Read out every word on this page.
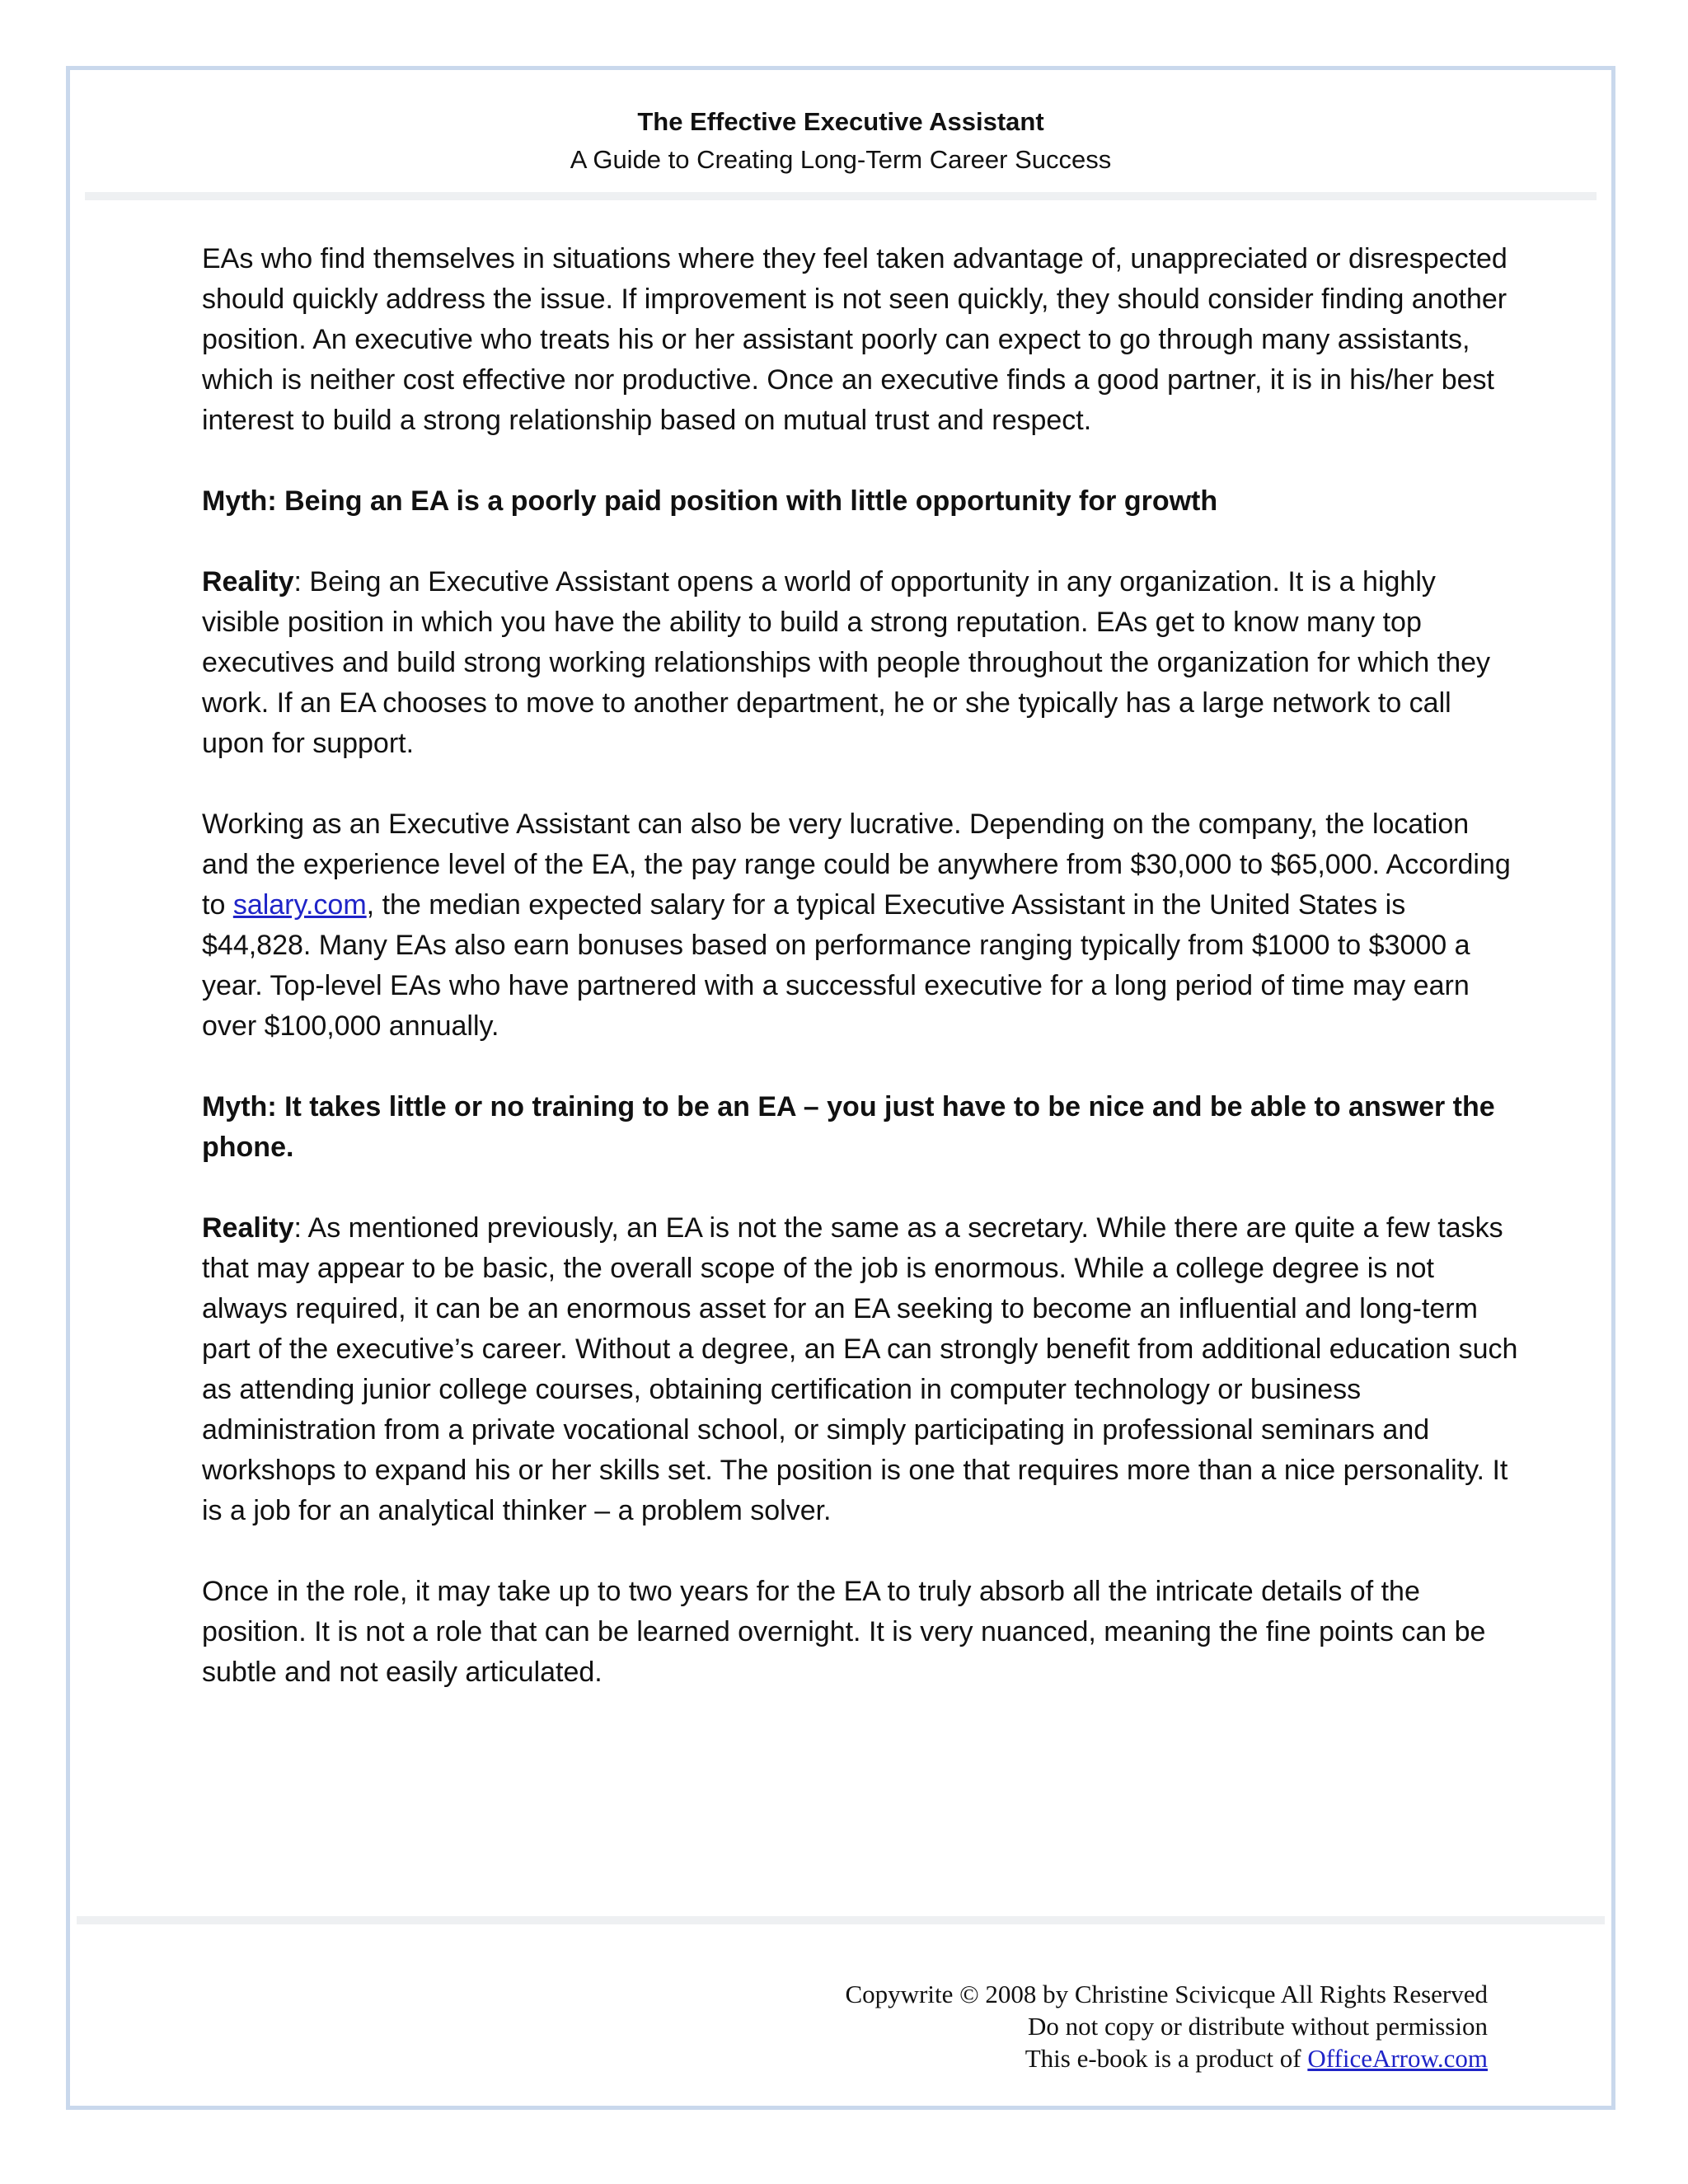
The Effective Executive Assistant
A Guide to Creating Long-Term Career Success

EAs who find themselves in situations where they feel taken advantage of, unappreciated or disrespected should quickly address the issue. If improvement is not seen quickly, they should consider finding another position. An executive who treats his or her assistant poorly can expect to go through many assistants, which is neither cost effective nor productive. Once an executive finds a good partner, it is in his/her best interest to build a strong relationship based on mutual trust and respect.

Myth: Being an EA is a poorly paid position with little opportunity for growth

Reality: Being an Executive Assistant opens a world of opportunity in any organization. It is a highly visible position in which you have the ability to build a strong reputation. EAs get to know many top executives and build strong working relationships with people throughout the organization for which they work. If an EA chooses to move to another department, he or she typically has a large network to call upon for support.

Working as an Executive Assistant can also be very lucrative. Depending on the company, the location and the experience level of the EA, the pay range could be anywhere from $30,000 to $65,000. According to salary.com, the median expected salary for a typical Executive Assistant in the United States is $44,828. Many EAs also earn bonuses based on performance ranging typically from $1000 to $3000 a year. Top-level EAs who have partnered with a successful executive for a long period of time may earn over $100,000 annually.

Myth: It takes little or no training to be an EA – you just have to be nice and be able to answer the phone.

Reality: As mentioned previously, an EA is not the same as a secretary. While there are quite a few tasks that may appear to be basic, the overall scope of the job is enormous. While a college degree is not always required, it can be an enormous asset for an EA seeking to become an influential and long-term part of the executive’s career. Without a degree, an EA can strongly benefit from additional education such as attending junior college courses, obtaining certification in computer technology or business administration from a private vocational school, or simply participating in professional seminars and workshops to expand his or her skills set. The position is one that requires more than a nice personality. It is a job for an analytical thinker – a problem solver.

Once in the role, it may take up to two years for the EA to truly absorb all the intricate details of the position. It is not a role that can be learned overnight. It is very nuanced, meaning the fine points can be subtle and not easily articulated.

Copywrite © 2008 by Christine Scivicque All Rights Reserved
Do not copy or distribute without permission
This e-book is a product of OfficeArrow.com
